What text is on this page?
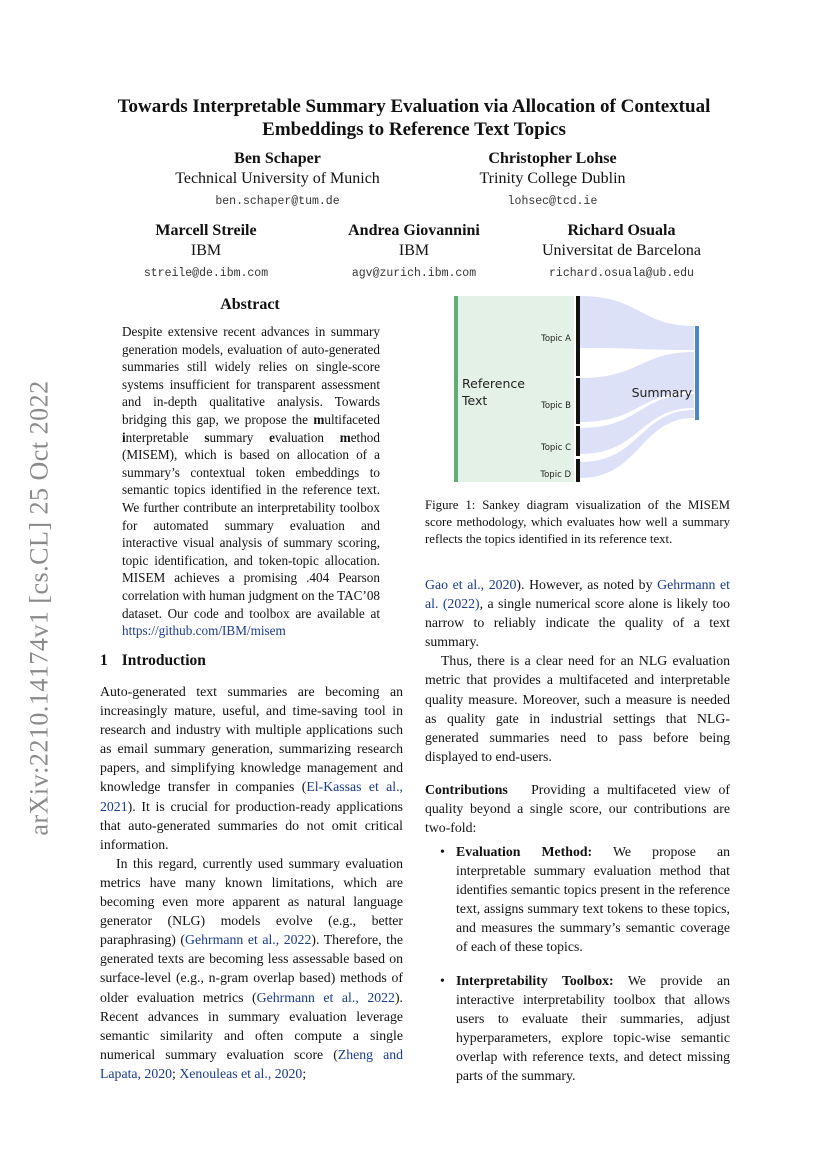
arXiv:2210.14174v1 [cs.CL] 25 Oct 2022
Towards Interpretable Summary Evaluation via Allocation of Contextual
Embeddings to Reference Text Topics
Ben Schaper
Technical University of Munich
ben.schaper@tum.de
Christopher Lohse
Trinity College Dublin
lohsec@tcd.ie
Marcell Streile
IBM
streile@de.ibm.com
Andrea Giovannini
IBM
agv@zurich.ibm.com
Richard Osuala
Universitat de Barcelona
richard.osuala@ub.edu
Abstract
Despite extensive recent advances in summary generation models, evaluation of auto-generated summaries still widely relies on single-score systems insufficient for transparent assessment and in-depth qualitative analysis. Towards bridging this gap, we propose the multifaceted interpretable summary evaluation method (MISEM), which is based on allocation of a summary’s contextual token embeddings to semantic topics identified in the reference text. We further contribute an interpretability toolbox for automated summary evaluation and interactive visual analysis of summary scoring, topic identification, and token-topic allocation. MISEM achieves a promising .404 Pearson correlation with human judgment on the TAC’08 dataset. Our code and toolbox are available at https://github.com/IBM/misem
1 Introduction

Auto-generated text summaries are becoming an increasingly mature, useful, and time-saving tool in research and industry with multiple applications such as email summary generation, summarizing research papers, and simplifying knowledge management and knowledge transfer in companies (El-Kassas et al., 2021). It is crucial for production-ready applications that auto-generated summaries do not omit critical information.

In this regard, currently used summary evaluation metrics have many known limitations, which are becoming even more apparent as natural language generator (NLG) models evolve (e.g., better paraphrasing) (Gehrmann et al., 2022). Therefore, the generated texts are becoming less assessable based on surface-level (e.g., n-gram overlap based) methods of older evaluation metrics (Gehrmann et al., 2022). Recent advances in summary evaluation leverage semantic similarity and often compute a single numerical summary evaluation score (Zheng and Lapata, 2020; Xenouleas et al., 2020;

Reference
Text
Topic A
Topic B
Topic C
Topic D
Summary
Figure 1: Sankey diagram visualization of the MISEM score methodology, which evaluates how well a summary reflects the topics identified in its reference text.

Gao et al., 2020). However, as noted by Gehrmann et al. (2022), a single numerical score alone is likely too narrow to reliably indicate the quality of a text summary.

Thus, there is a clear need for an NLG evaluation metric that provides a multifaceted and interpretable quality measure. Moreover, such a measure is needed as quality gate in industrial settings that NLG-generated summaries need to pass before being displayed to end-users.

Contributions Providing a multifaceted view of quality beyond a single score, our contributions are two-fold:

• Evaluation Method: We propose an interpretable summary evaluation method that identifies semantic topics present in the reference text, assigns summary text tokens to these topics, and measures the summary’s semantic coverage of each of these topics.
• Interpretability Toolbox: We provide an interactive interpretability toolbox that allows users to evaluate their summaries, adjust hyperparameters, explore topic-wise semantic overlap with reference texts, and detect missing parts of the summary.
